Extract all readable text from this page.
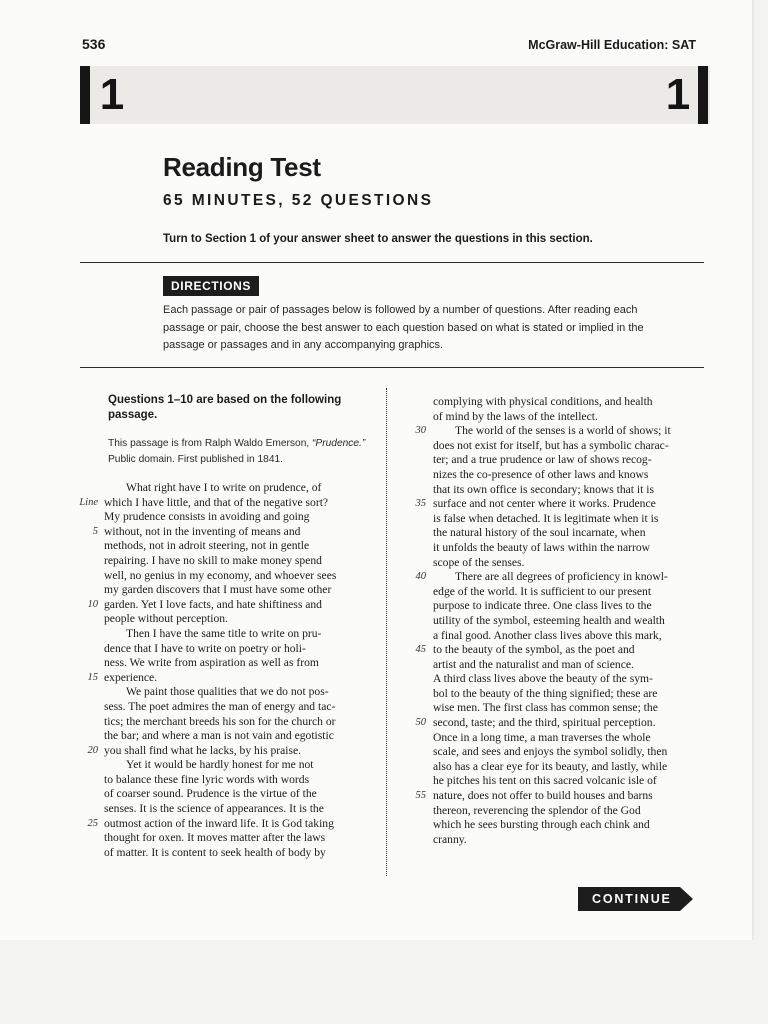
536	McGraw-Hill Education: SAT
1	1
Reading Test
65 MINUTES, 52 QUESTIONS
Turn to Section 1 of your answer sheet to answer the questions in this section.
DIRECTIONS
Each passage or pair of passages below is followed by a number of questions. After reading each passage or pair, choose the best answer to each question based on what is stated or implied in the passage or passages and in any accompanying graphics.
Questions 1–10 are based on the following passage.
This passage is from Ralph Waldo Emerson, “Prudence.” Public domain. First published in 1841.
What right have I to write on prudence, of
which I have little, and that of the negative sort?
My prudence consists in avoiding and going
without, not in the inventing of means and
methods, not in adroit steering, not in gentle
repairing. I have no skill to make money spend
well, no genius in my economy, and whoever sees
my garden discovers that I must have some other
garden. Yet I love facts, and hate shiftiness and
people without perception.
Then I have the same title to write on pru-
dence that I have to write on poetry or holi-
ness. We write from aspiration as well as from
experience.
We paint those qualities that we do not pos-
sess. The poet admires the man of energy and tac-
tics; the merchant breeds his son for the church or
the bar; and where a man is not vain and egotistic
you shall find what he lacks, by his praise.
Yet it would be hardly honest for me not
to balance these fine lyric words with words
of coarser sound. Prudence is the virtue of the
senses. It is the science of appearances. It is the
outmost action of the inward life. It is God taking
thought for oxen. It moves matter after the laws
of matter. It is content to seek health of body by
complying with physical conditions, and health
of mind by the laws of the intellect.
The world of the senses is a world of shows; it
does not exist for itself, but has a symbolic charac-
ter; and a true prudence or law of shows recog-
nizes the co-presence of other laws and knows
that its own office is secondary; knows that it is
surface and not center where it works. Prudence
is false when detached. It is legitimate when it is
the natural history of the soul incarnate, when
it unfolds the beauty of laws within the narrow
scope of the senses.
There are all degrees of proficiency in knowl-
edge of the world. It is sufficient to our present
purpose to indicate three. One class lives to the
utility of the symbol, esteeming health and wealth
a final good. Another class lives above this mark,
to the beauty of the symbol, as the poet and
artist and the naturalist and man of science.
A third class lives above the beauty of the sym-
bol to the beauty of the thing signified; these are
wise men. The first class has common sense; the
second, taste; and the third, spiritual perception.
Once in a long time, a man traverses the whole
scale, and sees and enjoys the symbol solidly, then
also has a clear eye for its beauty, and lastly, while
he pitches his tent on this sacred volcanic isle of
nature, does not offer to build houses and barns
thereon, reverencing the splendor of the God
which he sees bursting through each chink and
cranny.
Line
5
10
15
20
25
30
35
40
45
50
55
CONTINUE
